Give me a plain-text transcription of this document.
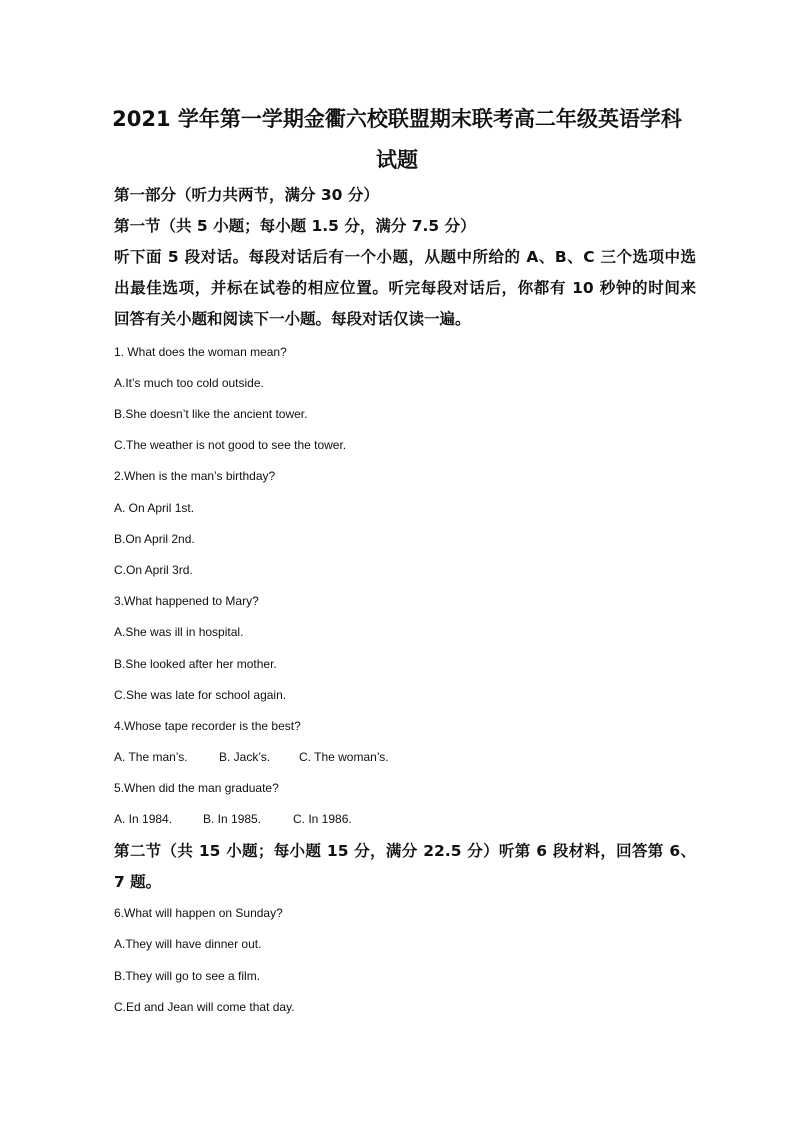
2021 学年第一学期金衢六校联盟期末联考高二年级英语学科
试题
第一部分（听力共两节，满分 30 分）
第一节（共 5 小题；每小题 1.5 分，满分 7.5 分）
听下面 5 段对话。每段对话后有一个小题，从题中所给的 A、B、C 三个选项中选
出最佳选项，并标在试卷的相应位置。听完每段对话后，你都有 10 秒钟的时间来
回答有关小题和阅读下一小题。每段对话仅读一遍。
1. What does the woman mean?
A.It’s much too cold outside.
B.She doesn’t like the ancient tower.
C.The weather is not good to see the tower.
2.When is the man’s birthday?
A. On April 1st.
B.On April 2nd.
C.On April 3rd.
3.What happened to Mary?
A.She was ill in hospital.
B.She looked after her mother.
C.She was late for school again.
4.Whose tape recorder is the best?
A. The man’s.	B. Jack’s. C. The woman’s.
5.When did the man graduate?
A. In 1984.	B. In 1985.	C. In 1986.
第二节（共 15 小题；每小题 15 分，满分 22.5 分）听第 6 段材料，回答第 6、
7 题。
6.What will happen on Sunday?
A.They will have dinner out.
B.They will go to see a film.
C.Ed and Jean will come that day.
